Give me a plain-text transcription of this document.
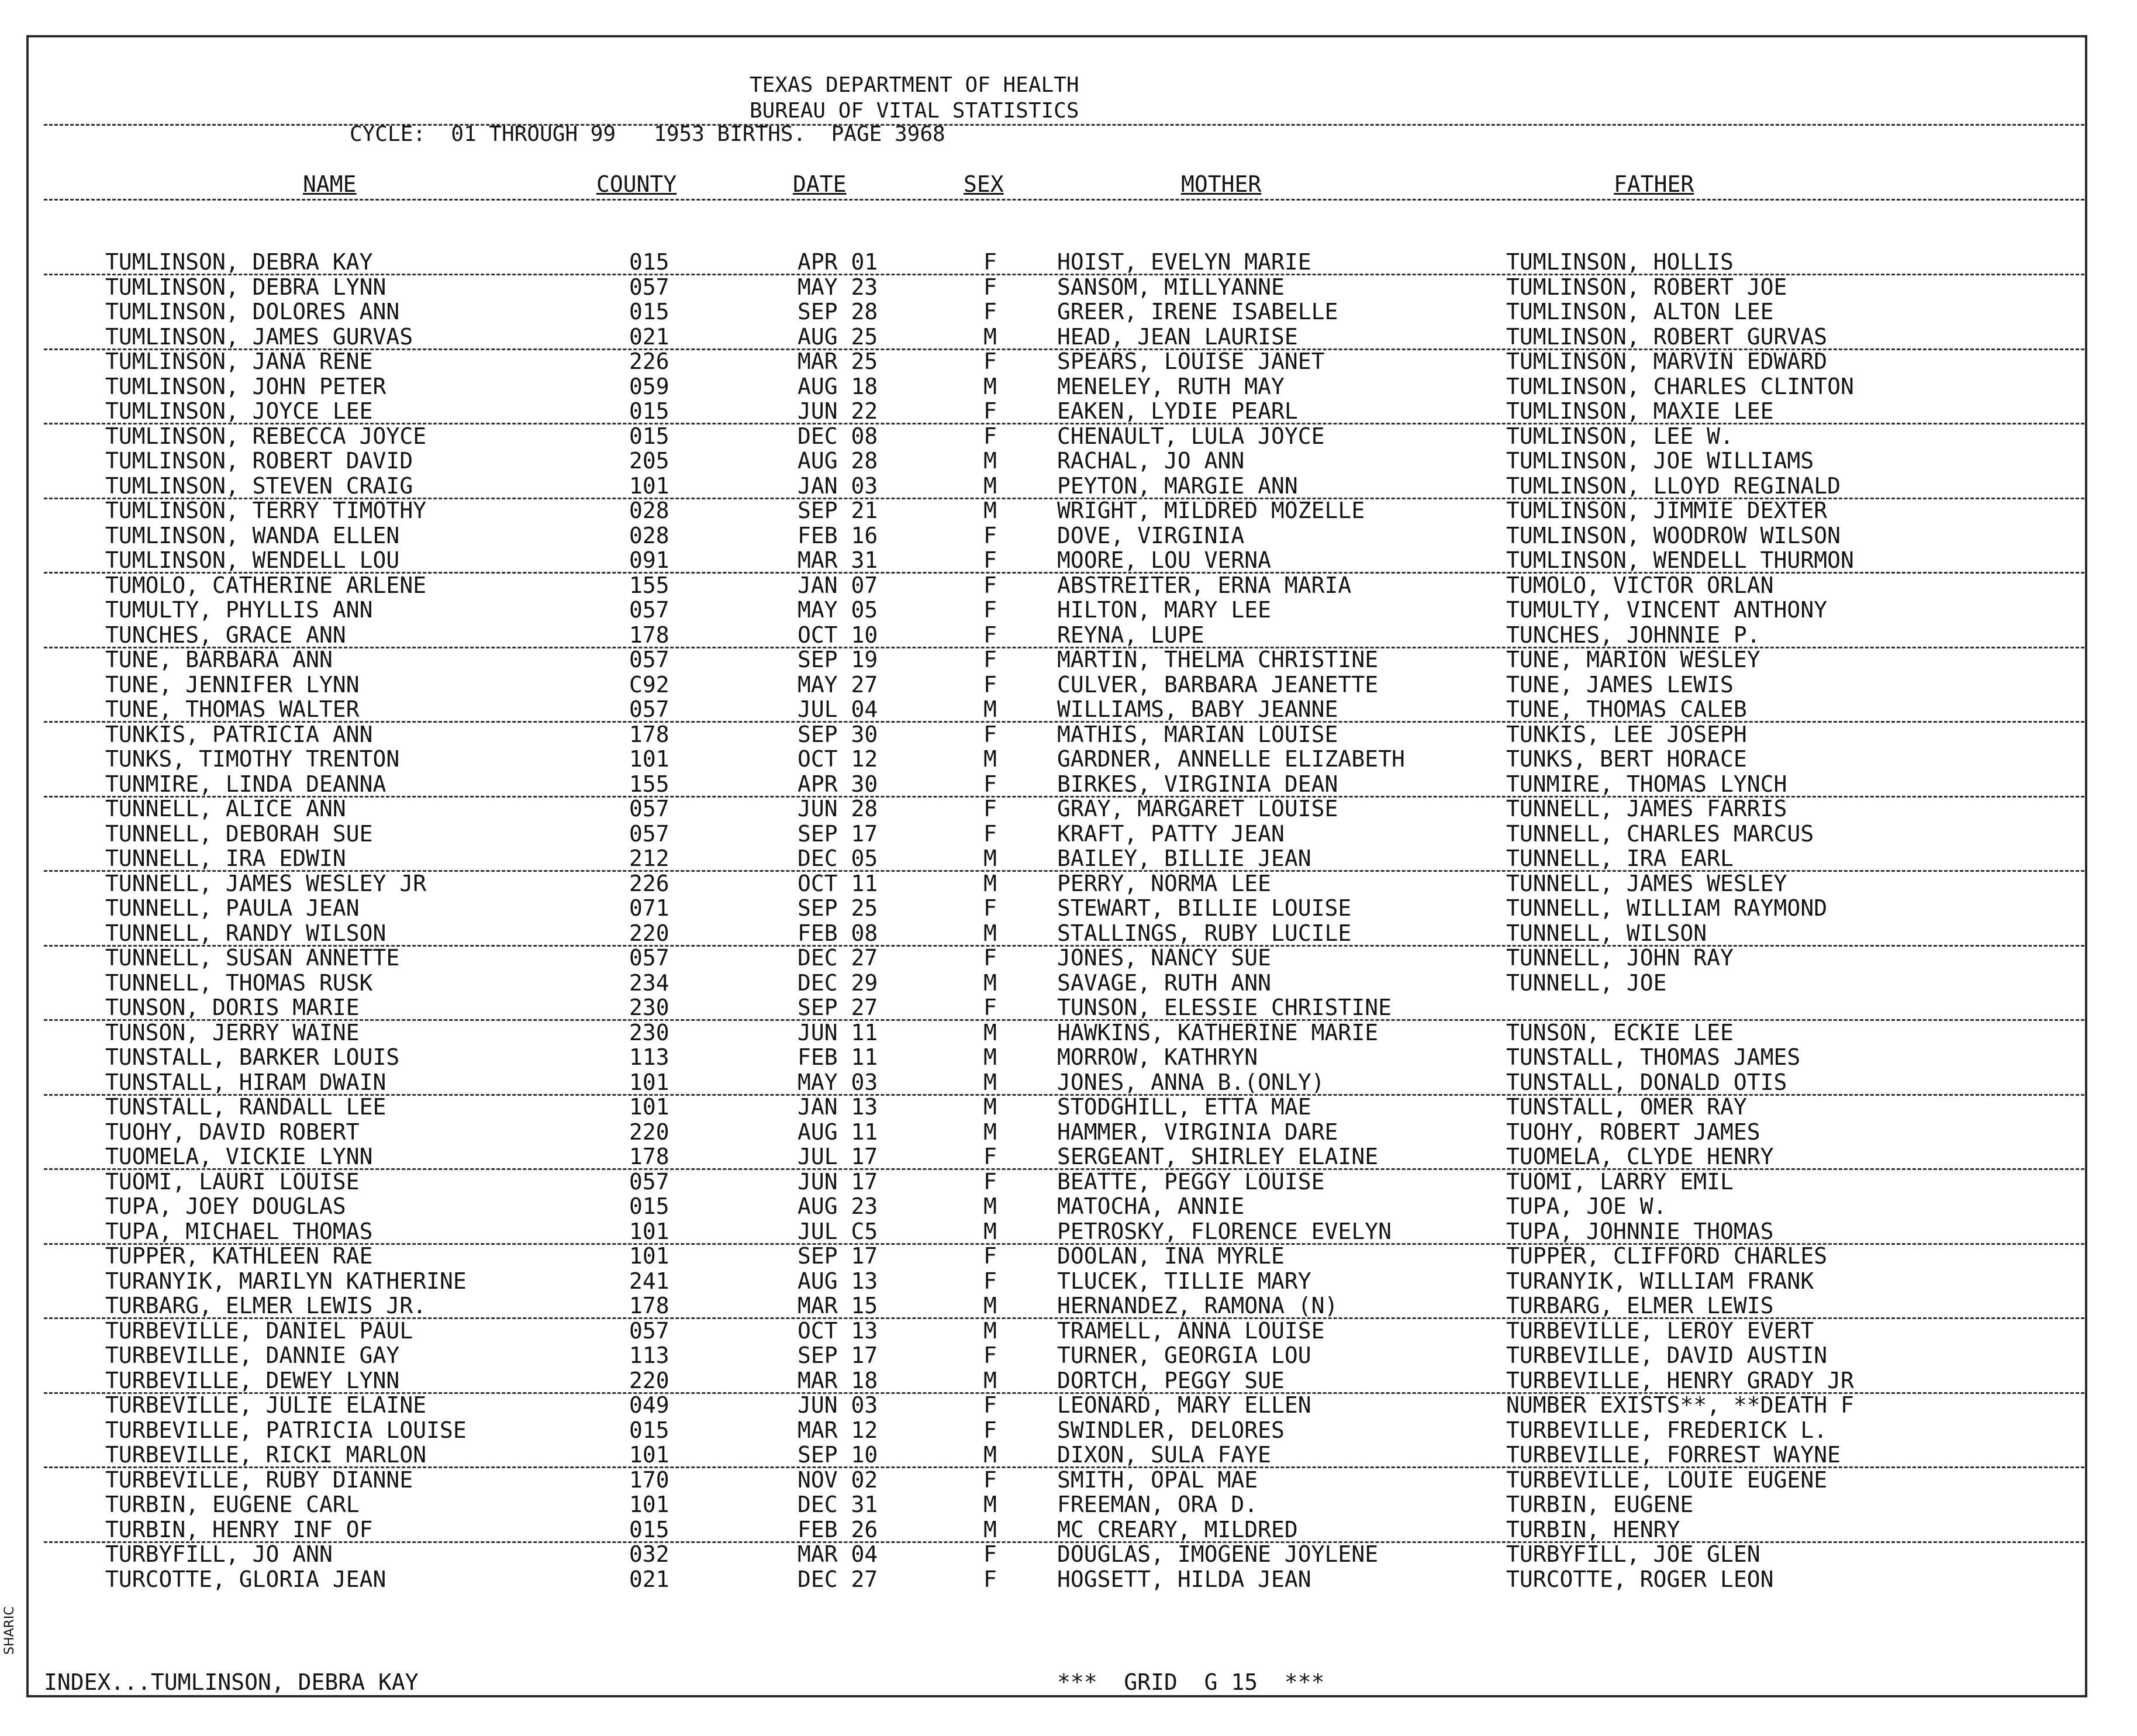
TEXAS DEPARTMENT OF HEALTH
BUREAU OF VITAL STATISTICS
CYCLE:  01 THROUGH 99   1953 BIRTHS.  PAGE 3968
NAME	COUNTY	DATE	SEX	MOTHER	FATHER
TUMLINSON, DEBRA KAY	015	APR 01	F	HOIST, EVELYN MARIE	TUMLINSON, HOLLIS
TUMLINSON, DEBRA LYNN	057	MAY 23	F	SANSOM, MILLYANNE	TUMLINSON, ROBERT JOE
TUMLINSON, DOLORES ANN	015	SEP 28	F	GREER, IRENE ISABELLE	TUMLINSON, ALTON LEE
TUMLINSON, JAMES GURVAS	021	AUG 25	M	HEAD, JEAN LAURISE	TUMLINSON, ROBERT GURVAS
TUMLINSON, JANA RENE	226	MAR 25	F	SPEARS, LOUISE JANET	TUMLINSON, MARVIN EDWARD
TUMLINSON, JOHN PETER	059	AUG 18	M	MENELEY, RUTH MAY	TUMLINSON, CHARLES CLINTON
TUMLINSON, JOYCE LEE	015	JUN 22	F	EAKEN, LYDIE PEARL	TUMLINSON, MAXIE LEE
TUMLINSON, REBECCA JOYCE	015	DEC 08	F	CHENAULT, LULA JOYCE	TUMLINSON, LEE W.
TUMLINSON, ROBERT DAVID	205	AUG 28	M	RACHAL, JO ANN	TUMLINSON, JOE WILLIAMS
TUMLINSON, STEVEN CRAIG	101	JAN 03	M	PEYTON, MARGIE ANN	TUMLINSON, LLOYD REGINALD
TUMLINSON, TERRY TIMOTHY	028	SEP 21	M	WRIGHT, MILDRED MOZELLE	TUMLINSON, JIMMIE DEXTER
TUMLINSON, WANDA ELLEN	028	FEB 16	F	DOVE, VIRGINIA	TUMLINSON, WOODROW WILSON
TUMLINSON, WENDELL LOU	091	MAR 31	F	MOORE, LOU VERNA	TUMLINSON, WENDELL THURMON
TUMOLO, CATHERINE ARLENE	155	JAN 07	F	ABSTREITER, ERNA MARIA	TUMOLO, VICTOR ORLAN
TUMULTY, PHYLLIS ANN	057	MAY 05	F	HILTON, MARY LEE	TUMULTY, VINCENT ANTHONY
TUNCHES, GRACE ANN	178	OCT 10	F	REYNA, LUPE	TUNCHES, JOHNNIE P.
TUNE, BARBARA ANN	057	SEP 19	F	MARTIN, THELMA CHRISTINE	TUNE, MARION WESLEY
TUNE, JENNIFER LYNN	C92	MAY 27	F	CULVER, BARBARA JEANETTE	TUNE, JAMES LEWIS
TUNE, THOMAS WALTER	057	JUL 04	M	WILLIAMS, BABY JEANNE	TUNE, THOMAS CALEB
TUNKIS, PATRICIA ANN	178	SEP 30	F	MATHIS, MARIAN LOUISE	TUNKIS, LEE JOSEPH
TUNKS, TIMOTHY TRENTON	101	OCT 12	M	GARDNER, ANNELLE ELIZABETH	TUNKS, BERT HORACE
TUNMIRE, LINDA DEANNA	155	APR 30	F	BIRKES, VIRGINIA DEAN	TUNMIRE, THOMAS LYNCH
TUNNELL, ALICE ANN	057	JUN 28	F	GRAY, MARGARET LOUISE	TUNNELL, JAMES FARRIS
TUNNELL, DEBORAH SUE	057	SEP 17	F	KRAFT, PATTY JEAN	TUNNELL, CHARLES MARCUS
TUNNELL, IRA EDWIN	212	DEC 05	M	BAILEY, BILLIE JEAN	TUNNELL, IRA EARL
TUNNELL, JAMES WESLEY JR	226	OCT 11	M	PERRY, NORMA LEE	TUNNELL, JAMES WESLEY
TUNNELL, PAULA JEAN	071	SEP 25	F	STEWART, BILLIE LOUISE	TUNNELL, WILLIAM RAYMOND
TUNNELL, RANDY WILSON	220	FEB 08	M	STALLINGS, RUBY LUCILE	TUNNELL, WILSON
TUNNELL, SUSAN ANNETTE	057	DEC 27	F	JONES, NANCY SUE	TUNNELL, JOHN RAY
TUNNELL, THOMAS RUSK	234	DEC 29	M	SAVAGE, RUTH ANN	TUNNELL, JOE
TUNSON, DORIS MARIE	230	SEP 27	F	TUNSON, ELESSIE CHRISTINE
TUNSON, JERRY WAINE	230	JUN 11	M	HAWKINS, KATHERINE MARIE	TUNSON, ECKIE LEE
TUNSTALL, BARKER LOUIS	113	FEB 11	M	MORROW, KATHRYN	TUNSTALL, THOMAS JAMES
TUNSTALL, HIRAM DWAIN	101	MAY 03	M	JONES, ANNA B.(ONLY)	TUNSTALL, DONALD OTIS
TUNSTALL, RANDALL LEE	101	JAN 13	M	STODGHILL, ETTA MAE	TUNSTALL, OMER RAY
TUOHY, DAVID ROBERT	220	AUG 11	M	HAMMER, VIRGINIA DARE	TUOHY, ROBERT JAMES
TUOMELA, VICKIE LYNN	178	JUL 17	F	SERGEANT, SHIRLEY ELAINE	TUOMELA, CLYDE HENRY
TUOMI, LAURI LOUISE	057	JUN 17	F	BEATTE, PEGGY LOUISE	TUOMI, LARRY EMIL
TUPA, JOEY DOUGLAS	015	AUG 23	M	MATOCHA, ANNIE	TUPA, JOE W.
TUPA, MICHAEL THOMAS	101	JUL C5	M	PETROSKY, FLORENCE EVELYN	TUPA, JOHNNIE THOMAS
TUPPER, KATHLEEN RAE	101	SEP 17	F	DOOLAN, INA MYRLE	TUPPER, CLIFFORD CHARLES
TURANYIK, MARILYN KATHERINE	241	AUG 13	F	TLUCEK, TILLIE MARY	TURANYIK, WILLIAM FRANK
TURBARG, ELMER LEWIS JR.	178	MAR 15	M	HERNANDEZ, RAMONA (N)	TURBARG, ELMER LEWIS
TURBEVILLE, DANIEL PAUL	057	OCT 13	M	TRAMELL, ANNA LOUISE	TURBEVILLE, LEROY EVERT
TURBEVILLE, DANNIE GAY	113	SEP 17	F	TURNER, GEORGIA LOU	TURBEVILLE, DAVID AUSTIN
TURBEVILLE, DEWEY LYNN	220	MAR 18	M	DORTCH, PEGGY SUE	TURBEVILLE, HENRY GRADY JR
TURBEVILLE, JULIE ELAINE	049	JUN 03	F	LEONARD, MARY ELLEN	NUMBER EXISTS**, **DEATH F
TURBEVILLE, PATRICIA LOUISE	015	MAR 12	F	SWINDLER, DELORES	TURBEVILLE, FREDERICK L.
TURBEVILLE, RICKI MARLON	101	SEP 10	M	DIXON, SULA FAYE	TURBEVILLE, FORREST WAYNE
TURBEVILLE, RUBY DIANNE	170	NOV 02	F	SMITH, OPAL MAE	TURBEVILLE, LOUIE EUGENE
TURBIN, EUGENE CARL	101	DEC 31	M	FREEMAN, ORA D.	TURBIN, EUGENE
TURBIN, HENRY INF OF	015	FEB 26	M	MC CREARY, MILDRED	TURBIN, HENRY
TURBYFILL, JO ANN	032	MAR 04	F	DOUGLAS, IMOGENE JOYLENE	TURBYFILL, JOE GLEN
TURCOTTE, GLORIA JEAN	021	DEC 27	F	HOGSETT, HILDA JEAN	TURCOTTE, ROGER LEON
INDEX...TUMLINSON, DEBRA KAY	***  GRID  G 15  ***
SHARIC
